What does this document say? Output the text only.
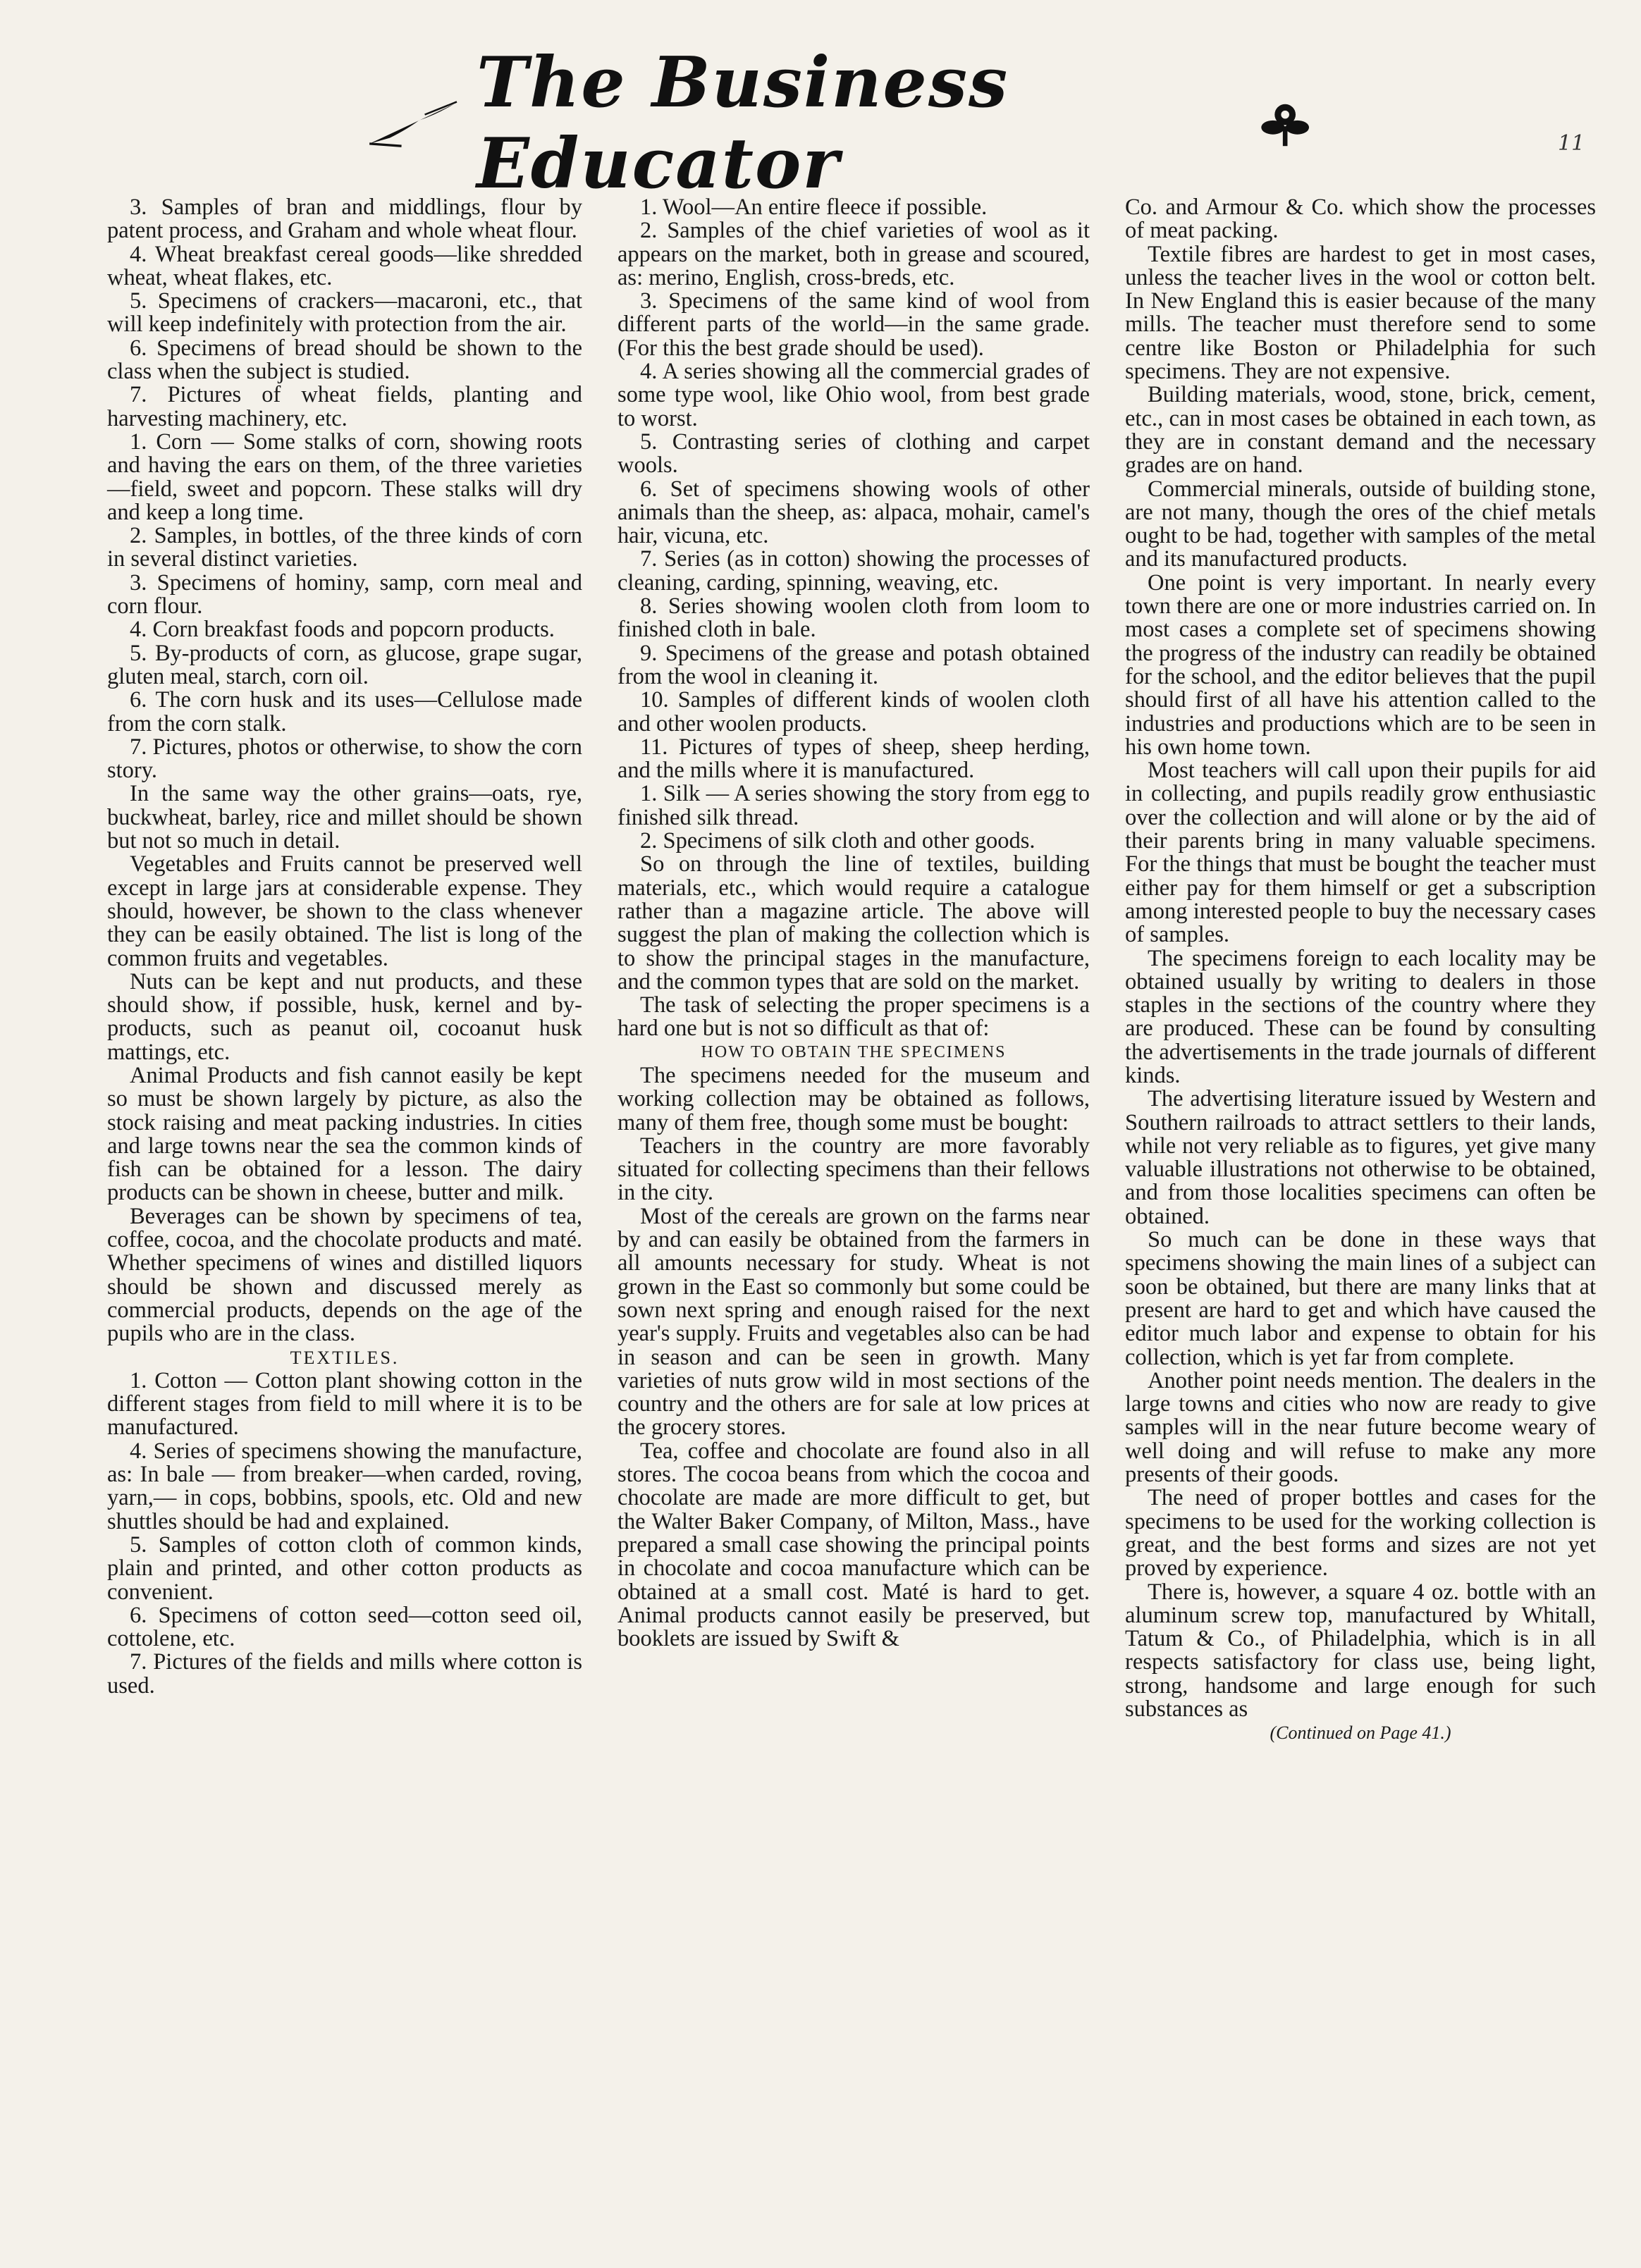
The Business Educator	11

3. Samples of bran and middlings, flour by patent process, and Graham and whole wheat flour.

4. Wheat breakfast cereal goods—like shredded wheat, wheat flakes, etc.

5. Specimens of crackers—macaroni, etc., that will keep indefinitely with protection from the air.

6. Specimens of bread should be shown to the class when the subject is studied.

7. Pictures of wheat fields, planting and harvesting machinery, etc.

1. Corn — Some stalks of corn, showing roots and having the ears on them, of the three varieties—field, sweet and popcorn. These stalks will dry and keep a long time.

2. Samples, in bottles, of the three kinds of corn in several distinct varieties.

3. Specimens of hominy, samp, corn meal and corn flour.

4. Corn breakfast foods and popcorn products.

5. By-products of corn, as glucose, grape sugar, gluten meal, starch, corn oil.

6. The corn husk and its uses—Cellulose made from the corn stalk.

7. Pictures, photos or otherwise, to show the corn story.

In the same way the other grains—oats, rye, buckwheat, barley, rice and millet should be shown but not so much in detail.

Vegetables and Fruits cannot be preserved well except in large jars at considerable expense. They should, however, be shown to the class whenever they can be easily obtained. The list is long of the common fruits and vegetables.

Nuts can be kept and nut products, and these should show, if possible, husk, kernel and by-products, such as peanut oil, cocoanut husk mattings, etc.

Animal Products and fish cannot easily be kept so must be shown largely by picture, as also the stock raising and meat packing industries. In cities and large towns near the sea the common kinds of fish can be obtained for a lesson. The dairy products can be shown in cheese, butter and milk.

Beverages can be shown by specimens of tea, coffee, cocoa, and the chocolate products and maté. Whether specimens of wines and distilled liquors should be shown and discussed merely as commercial products, depends on the age of the pupils who are in the class.

TEXTILES.

1. Cotton — Cotton plant showing cotton in the different stages from field to mill where it is to be manufactured.

4. Series of specimens showing the manufacture, as: In bale — from breaker—when carded, roving, yarn,— in cops, bobbins, spools, etc. Old and new shuttles should be had and explained.

5. Samples of cotton cloth of common kinds, plain and printed, and other cotton products as convenient.

6. Specimens of cotton seed—cotton seed oil, cottolene, etc.

7. Pictures of the fields and mills where cotton is used.

1. Wool—An entire fleece if possible.

2. Samples of the chief varieties of wool as it appears on the market, both in grease and scoured, as: merino, English, cross-breds, etc.

3. Specimens of the same kind of wool from different parts of the world—in the same grade. (For this the best grade should be used).

4. A series showing all the commercial grades of some type wool, like Ohio wool, from best grade to worst.

5. Contrasting series of clothing and carpet wools.

6. Set of specimens showing wools of other animals than the sheep, as: alpaca, mohair, camel's hair, vicuna, etc.

7. Series (as in cotton) showing the processes of cleaning, carding, spinning, weaving, etc.

8. Series showing woolen cloth from loom to finished cloth in bale.

9. Specimens of the grease and potash obtained from the wool in cleaning it.

10. Samples of different kinds of woolen cloth and other woolen products.

11. Pictures of types of sheep, sheep herding, and the mills where it is manufactured.

1. Silk — A series showing the story from egg to finished silk thread.

2. Specimens of silk cloth and other goods.

So on through the line of textiles, building materials, etc., which would require a catalogue rather than a magazine article. The above will suggest the plan of making the collection which is to show the principal stages in the manufacture, and the common types that are sold on the market.

The task of selecting the proper specimens is a hard one but is not so difficult as that of:

HOW TO OBTAIN THE SPECIMENS

The specimens needed for the museum and working collection may be obtained as follows, many of them free, though some must be bought:

Teachers in the country are more favorably situated for collecting specimens than their fellows in the city.

Most of the cereals are grown on the farms near by and can easily be obtained from the farmers in all amounts necessary for study. Wheat is not grown in the East so commonly but some could be sown next spring and enough raised for the next year's supply. Fruits and vegetables also can be had in season and can be seen in growth. Many varieties of nuts grow wild in most sections of the country and the others are for sale at low prices at the grocery stores.

Tea, coffee and chocolate are found also in all stores. The cocoa beans from which the cocoa and chocolate are made are more difficult to get, but the Walter Baker Company, of Milton, Mass., have prepared a small case showing the principal points in chocolate and cocoa manufacture which can be obtained at a small cost. Maté is hard to get. Animal products cannot easily be preserved, but booklets are issued by Swift &

Co. and Armour & Co. which show the processes of meat packing.

Textile fibres are hardest to get in most cases, unless the teacher lives in the wool or cotton belt. In New England this is easier because of the many mills. The teacher must therefore send to some centre like Boston or Philadelphia for such specimens. They are not expensive.

Building materials, wood, stone, brick, cement, etc., can in most cases be obtained in each town, as they are in constant demand and the necessary grades are on hand.

Commercial minerals, outside of building stone, are not many, though the ores of the chief metals ought to be had, together with samples of the metal and its manufactured products.

One point is very important. In nearly every town there are one or more industries carried on. In most cases a complete set of specimens showing the progress of the industry can readily be obtained for the school, and the editor believes that the pupil should first of all have his attention called to the industries and productions which are to be seen in his own home town.

Most teachers will call upon their pupils for aid in collecting, and pupils readily grow enthusiastic over the collection and will alone or by the aid of their parents bring in many valuable specimens. For the things that must be bought the teacher must either pay for them himself or get a subscription among interested people to buy the necessary cases of samples.

The specimens foreign to each locality may be obtained usually by writing to dealers in those staples in the sections of the country where they are produced. These can be found by consulting the advertisements in the trade journals of different kinds.

The advertising literature issued by Western and Southern railroads to attract settlers to their lands, while not very reliable as to figures, yet give many valuable illustrations not otherwise to be obtained, and from those localities specimens can often be obtained.

So much can be done in these ways that specimens showing the main lines of a subject can soon be obtained, but there are many links that at present are hard to get and which have caused the editor much labor and expense to obtain for his collection, which is yet far from complete.

Another point needs mention. The dealers in the large towns and cities who now are ready to give samples will in the near future become weary of well doing and will refuse to make any more presents of their goods.

The need of proper bottles and cases for the specimens to be used for the working collection is great, and the best forms and sizes are not yet proved by experience.

There is, however, a square 4 oz. bottle with an aluminum screw top, manufactured by Whitall, Tatum & Co., of Philadelphia, which is in all respects satisfactory for class use, being light, strong, handsome and large enough for such substances as

(Continued on Page 41.)
